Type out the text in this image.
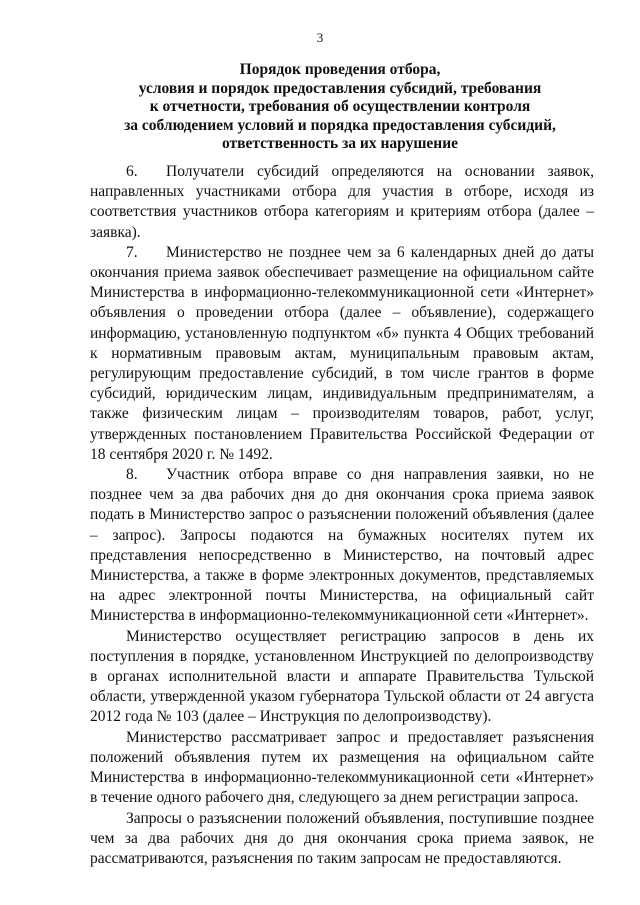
3
Порядок проведения отбора,
условия и порядок предоставления субсидий, требования
к отчетности, требования об осуществлении контроля
за соблюдением условий и порядка предоставления субсидий,
ответственность за их нарушение

6. Получатели субсидий определяются на основании заявок, направленных участниками отбора для участия в отборе, исходя из соответствия участников отбора категориям и критериям отбора (далее – заявка).

7. Министерство не позднее чем за 6 календарных дней до даты окончания приема заявок обеспечивает размещение на официальном сайте Министерства в информационно-телекоммуникационной сети «Интернет» объявления о проведении отбора (далее – объявление), содержащего информацию, установленную подпунктом «б» пункта 4 Общих требований к нормативным правовым актам, муниципальным правовым актам, регулирующим предоставление субсидий, в том числе грантов в форме субсидий, юридическим лицам, индивидуальным предпринимателям, а также физическим лицам – производителям товаров, работ, услуг, утвержденных постановлением Правительства Российской Федерации от 18 сентября 2020 г. № 1492.

8. Участник отбора вправе со дня направления заявки, но не позднее чем за два рабочих дня до дня окончания срока приема заявок подать в Министерство запрос о разъяснении положений объявления (далее – запрос). Запросы подаются на бумажных носителях путем их представления непосредственно в Министерство, на почтовый адрес Министерства, а также в форме электронных документов, представляемых на адрес электронной почты Министерства, на официальный сайт Министерства в информационно-телекоммуникационной сети «Интернет».

Министерство осуществляет регистрацию запросов в день их поступления в порядке, установленном Инструкцией по делопроизводству в органах исполнительной власти и аппарате Правительства Тульской области, утвержденной указом губернатора Тульской области от 24 августа 2012 года № 103 (далее – Инструкция по делопроизводству).

Министерство рассматривает запрос и предоставляет разъяснения положений объявления путем их размещения на официальном сайте Министерства в информационно-телекоммуникационной сети «Интернет» в течение одного рабочего дня, следующего за днем регистрации запроса.

Запросы о разъяснении положений объявления, поступившие позднее чем за два рабочих дня до дня окончания срока приема заявок, не рассматриваются, разъяснения по таким запросам не предоставляются.
